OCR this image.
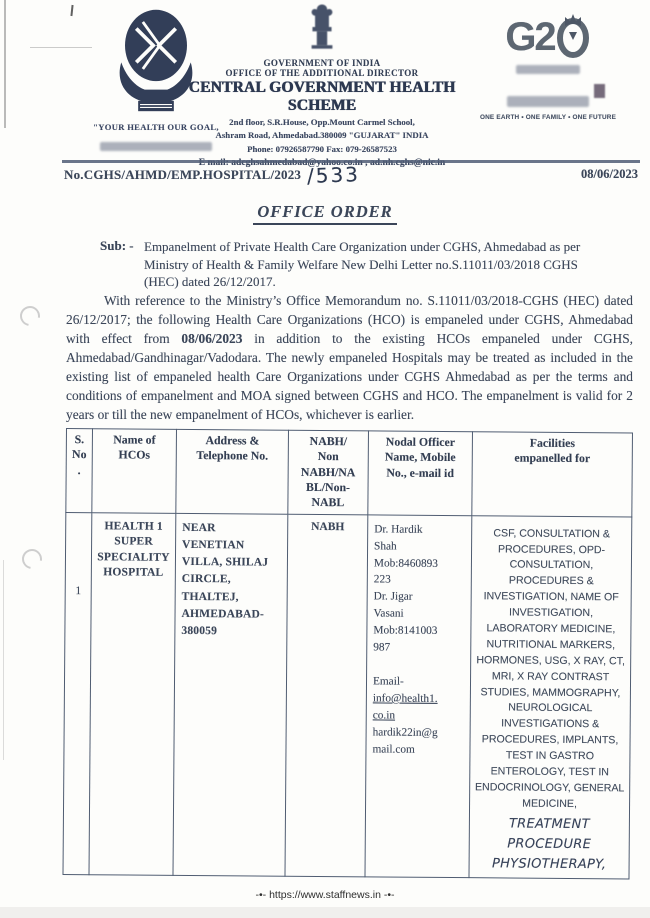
"YOUR HEALTH OUR GOAL,
GOVERNMENT OF INDIA
OFFICE OF THE ADDITIONAL DIRECTOR
CENTRAL GOVERNMENT HEALTH SCHEME
2nd floor, S.R.House, Opp.Mount Carmel School,
Ashram Road, Ahmedabad.380009 "GUJARAT" INDIA
Phone: 07926587790 Fax: 079-26587523
G2
ONE EARTH • ONE FAMILY • ONE FUTURE
No.CGHS/AHMD/EMP.HOSPITAL/2023 /533	08/06/2023
OFFICE ORDER
Sub: - Empanelment of Private Health Care Organization under CGHS, Ahmedabad as per Ministry of Health & Family Welfare New Delhi Letter no.S.11011/03/2018 CGHS (HEC) dated 26/12/2017.
With reference to the Ministry’s Office Memorandum no. S.11011/03/2018-CGHS (HEC) dated 26/12/2017; the following Health Care Organizations (HCO) is empaneled under CGHS, Ahmedabad with effect from 08/06/2023 in addition to the existing HCOs empaneled under CGHS, Ahmedabad/Gandhinagar/Vadodara. The newly empaneled Hospitals may be treated as included in the existing list of empaneled health Care Organizations under CGHS Ahmedabad as per the terms and conditions of empanelment and MOA signed between CGHS and HCO. The empanelment is valid for 2 years or till the new empanelment of HCOs, whichever is earlier.
S.
No
.	Name of
HCOs	Address &
Telephone No.	NABH/
Non
NABH/NA
BL/Non-
NABL	Nodal Officer
Name, Mobile
No., e-mail id	Facilities
empanelled for
1	HEALTH 1
SUPER
SPECIALITY
HOSPITAL	NEAR
VENETIAN
VILLA, SHILAJ
CIRCLE,
THALTEJ,
AHMEDABAD-
380059	NABH	Dr. Hardik
Shah
Mob:8460893
223
Dr. Jigar
Vasani
Mob:8141003
987

Email-
info@health1.
co.in
hardik22in@g
mail.com

CSF, CONSULTATION & PROCEDURES, OPD-CONSULTATION, PROCEDURES & INVESTIGATION, NAME OF INVESTIGATION, LABORATORY MEDICINE, NUTRITIONAL MARKERS, HORMONES, USG, X RAY, CT, MRI, X RAY CONTRAST STUDIES, MAMMOGRAPHY, NEUROLOGICAL INVESTIGATIONS & PROCEDURES, IMPLANTS, TEST IN GASTRO ENTEROLOGY, TEST IN ENDOCRINOLOGY, GENERAL MEDICINE,
TREATMENT PROCEDURE PHYSIOTHERAPY,
-•- https://www.staffnews.in -•-
